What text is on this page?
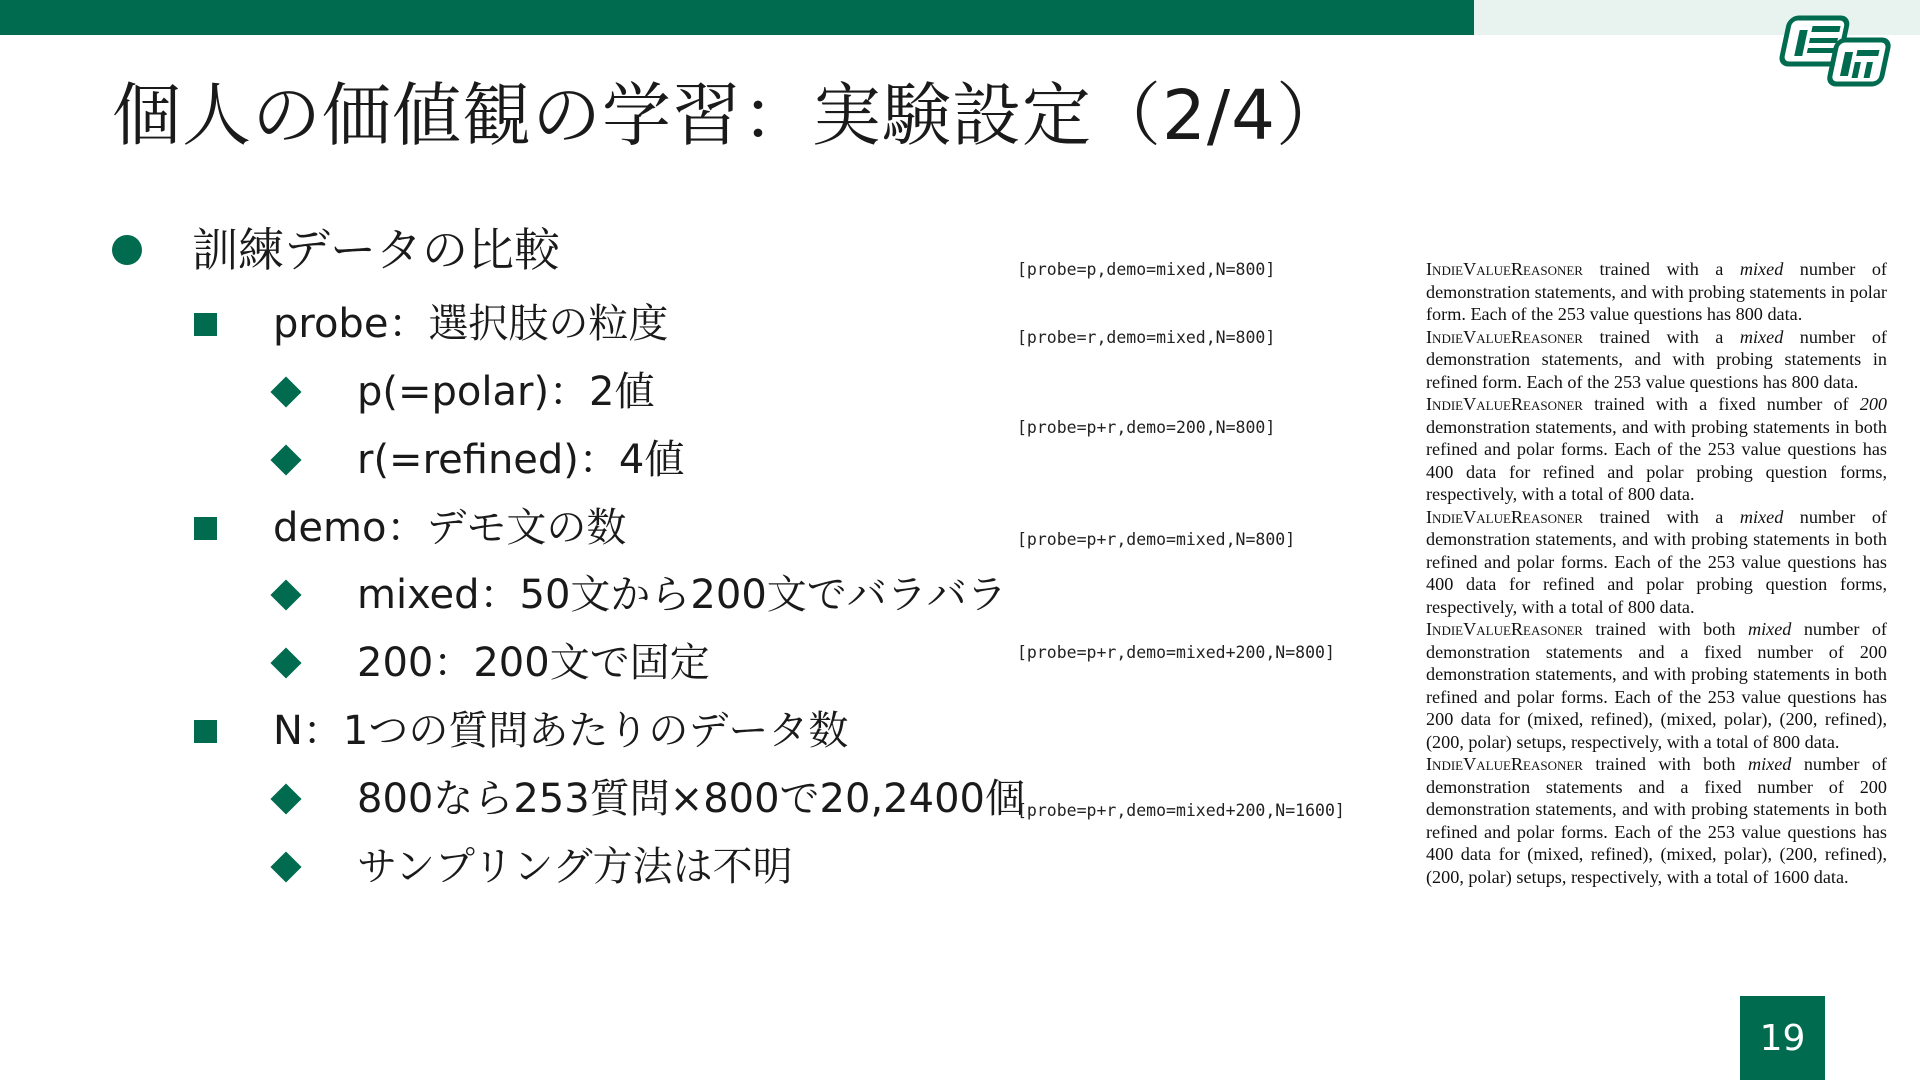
個人の価値観の学習：実験設定（2/4）
訓練データの比較
probe：選択肢の粒度
p(=polar)：2値
r(=refined)：4値
demo：デモ文の数
mixed：50文から200文でバラバラ
200：200文で固定
N：1つの質問あたりのデータ数
800なら253質問×800で20,2400個
サンプリング方法は不明
[probe=p,demo=mixed,N=800]
[probe=r,demo=mixed,N=800]
[probe=p+r,demo=200,N=800]
[probe=p+r,demo=mixed,N=800]
[probe=p+r,demo=mixed+200,N=800]
[probe=p+r,demo=mixed+200,N=1600]

IndieValueReasoner trained with a mixed number of demonstration statements, and with probing statements in polar form. Each of the 253 value questions has 800 data.

IndieValueReasoner trained with a mixed number of demonstration statements, and with probing statements in refined form. Each of the 253 value questions has 800 data.

IndieValueReasoner trained with a fixed number of 200 demonstration statements, and with probing statements in both refined and polar forms. Each of the 253 value questions has 400 data for refined and polar probing question forms, respectively, with a total of 800 data.

IndieValueReasoner trained with a mixed number of demonstration statements, and with probing statements in both refined and polar forms. Each of the 253 value questions has 400 data for refined and polar probing question forms, respectively, with a total of 800 data.

IndieValueReasoner trained with both mixed number of demonstration statements and a fixed number of 200 demonstration statements, and with probing statements in both refined and polar forms. Each of the 253 value questions has 200 data for (mixed, refined), (mixed, polar), (200, refined), (200, polar) setups, respectively, with a total of 800 data.

IndieValueReasoner trained with both mixed number of demonstration statements and a fixed number of 200 demonstration statements, and with probing statements in both refined and polar forms. Each of the 253 value questions has 400 data for (mixed, refined), (mixed, polar), (200, refined), (200, polar) setups, respectively, with a total of 1600 data.

19
